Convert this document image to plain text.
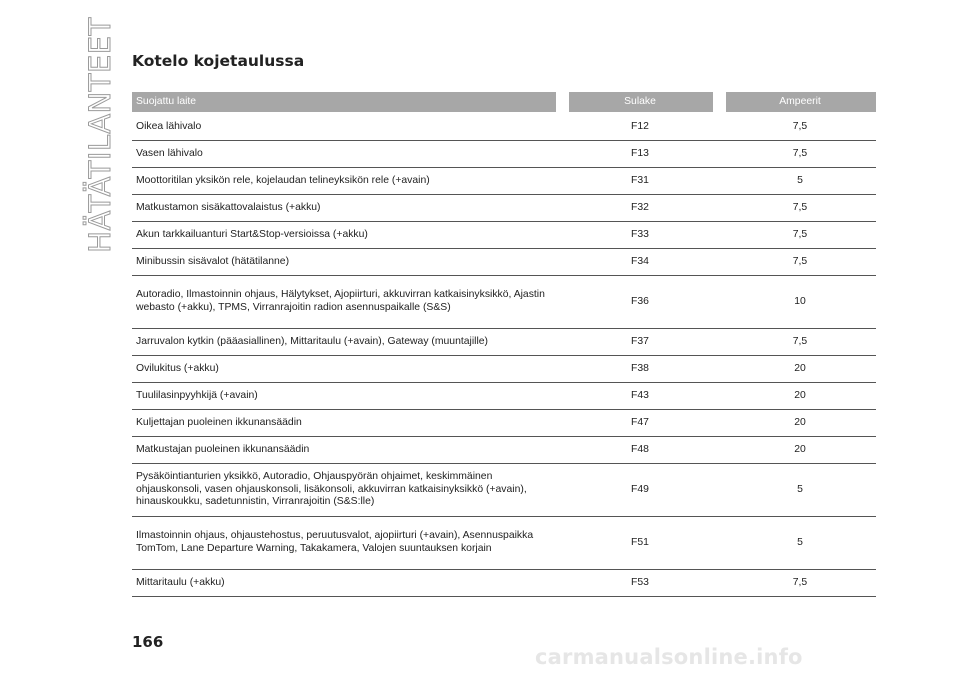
HÄTÄTILANTEET Kotelo kojetaulussa
Suojattu laite		Sulake		Ampeerit
Oikea lähivalo		F12		7,5
Vasen lähivalo		F13		7,5
Moottoritilan yksikön rele, kojelaudan telineyksikön rele (+avain)		F31		5
Matkustamon sisäkattovalaistus (+akku)		F32		7,5
Akun tarkkailuanturi Start&Stop-versioissa (+akku)		F33		7,5
Minibussin sisävalot (hätätilanne)		F34		7,5
Autoradio, Ilmastoinnin ohjaus, Hälytykset, Ajopiirturi, akkuvirran katkaisinyksikkö, Ajastin webasto (+akku), TPMS, Virranrajoitin radion asennuspaikalle (S&S)		F36		10
Jarruvalon kytkin (pääasiallinen), Mittaritaulu (+avain), Gateway (muuntajille)		F37		7,5
Ovilukitus (+akku)		F38		20
Tuulilasinpyyhkijä (+avain)		F43		20
Kuljettajan puoleinen ikkunansäädin		F47		20
Matkustajan puoleinen ikkunansäädin		F48		20
Pysäköintianturien yksikkö, Autoradio, Ohjauspyörän ohjaimet, keskimmäinen ohjauskonsoli, vasen ohjauskonsoli, lisäkonsoli, akkuvirran katkaisinyksikkö (+avain), hinauskoukku, sadetunnistin, Virranrajoitin (S&S:lle)		F49		5
Ilmastoinnin ohjaus, ohjaustehostus, peruutusvalot, ajopiirturi (+avain), Asennuspaikka TomTom, Lane Departure Warning, Takakamera, Valojen suuntauksen korjain		F51		5
Mittaritaulu (+akku)		F53		7,5
166
carmanualsonline.info
